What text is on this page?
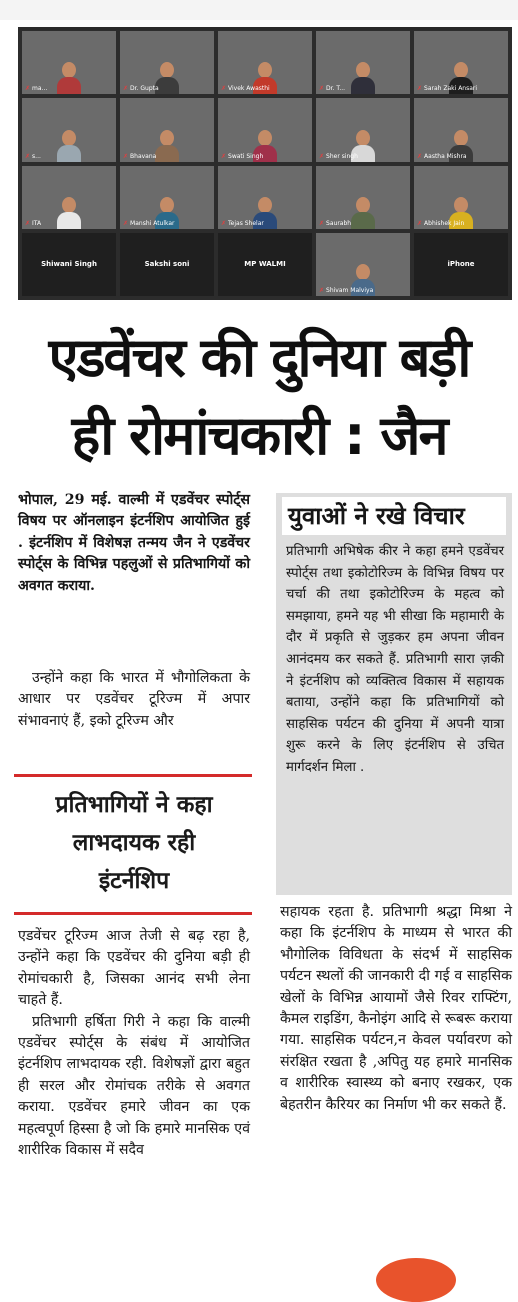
✗ ma...	✗ Dr. Gupta	✗ Vivek Awasthi	✗ Dr. T...	✗ Sarah Zaki Ansari
✗ s...	✗ Bhavana	✗ Swati Singh	✗ Sher singh	✗ Aastha Mishra
✗ ITA	✗ Manshi Atulkar	✗ Tejas Shelar	✗ Saurabh	✗ Abhishek Jain
Shiwani Singh	Sakshi soni	MP WALMI
✗ Shivam Malviya
iPhone
एडवेंचर की दुनिया बड़ी
ही रोमांचकारी : जैन
भोपाल, 29 मई. वाल्मी में एडवेंचर स्पोर्ट्स विषय पर ऑनलाइन इंटर्नशिप आयोजित हुई . इंटर्नशिप में विशेषज्ञ तन्मय जैन ने एडवेंचर स्पोर्ट्स के विभिन्न पहलुओं से प्रतिभागियों को अवगत कराया.
उन्होंने कहा कि भारत में भौगोलिकता के आधार पर एडवेंचर टूरिज्म में अपार संभावनाएं हैं, इको टूरिज्म और
प्रतिभागियों ने कहा
लाभदायक रही
इंटर्नशिप

एडवेंचर टूरिज्म आज तेजी से बढ़ रहा है, उन्होंने कहा कि एडवेंचर की दुनिया बड़ी ही रोमांचकारी है, जिसका आनंद सभी लेना चाहते हैं.

प्रतिभागी हर्षिता गिरी ने कहा कि वाल्मी एडवेंचर स्पोर्ट्स के संबंध में आयोजित इंटर्नशिप लाभदायक रही. विशेषज्ञों द्वारा बहुत ही सरल और रोमांचक तरीके से अवगत कराया. एडवेंचर हमारे जीवन का एक महत्वपूर्ण हिस्सा है जो कि हमारे मानसिक एवं शारीरिक विकास में सदैव

युवाओं ने रखे विचार
प्रतिभागी अभिषेक कीर ने कहा हमने एडवेंचर स्पोर्ट्स तथा इकोटोरिज्म के विभिन्न विषय पर चर्चा की तथा इकोटोरिज्म के महत्व को समझाया, हमने यह भी सीखा कि महामारी के दौर में प्रकृति से जुड़कर हम अपना जीवन आनंदमय कर सकते हैं. प्रतिभागी सारा ज़की ने इंटर्नशिप को व्यक्तित्व विकास में सहायक बताया, उन्होंने कहा कि प्रतिभागियों को साहसिक पर्यटन की दुनिया में अपनी यात्रा शुरू करने के लिए इंटर्नशिप से उचित मार्गदर्शन मिला .
सहायक रहता है. प्रतिभागी श्रद्धा मिश्रा ने कहा कि इंटर्नशिप के माध्यम से भारत की भौगोलिक विविधता के संदर्भ में साहसिक पर्यटन स्थलों की जानकारी दी गई व साहसिक खेलों के विभिन्न आयामों जैसे रिवर राफ्टिंग, कैमल राइडिंग, कैनोइंग आदि से रूबरू कराया गया. साहसिक पर्यटन,न केवल पर्यावरण को संरक्षित रखता है ,अपितु यह हमारे मानसिक व शारीरिक स्वास्थ्य को बनाए रखकर, एक बेहतरीन कैरियर का निर्माण भी कर सकते हैं.
